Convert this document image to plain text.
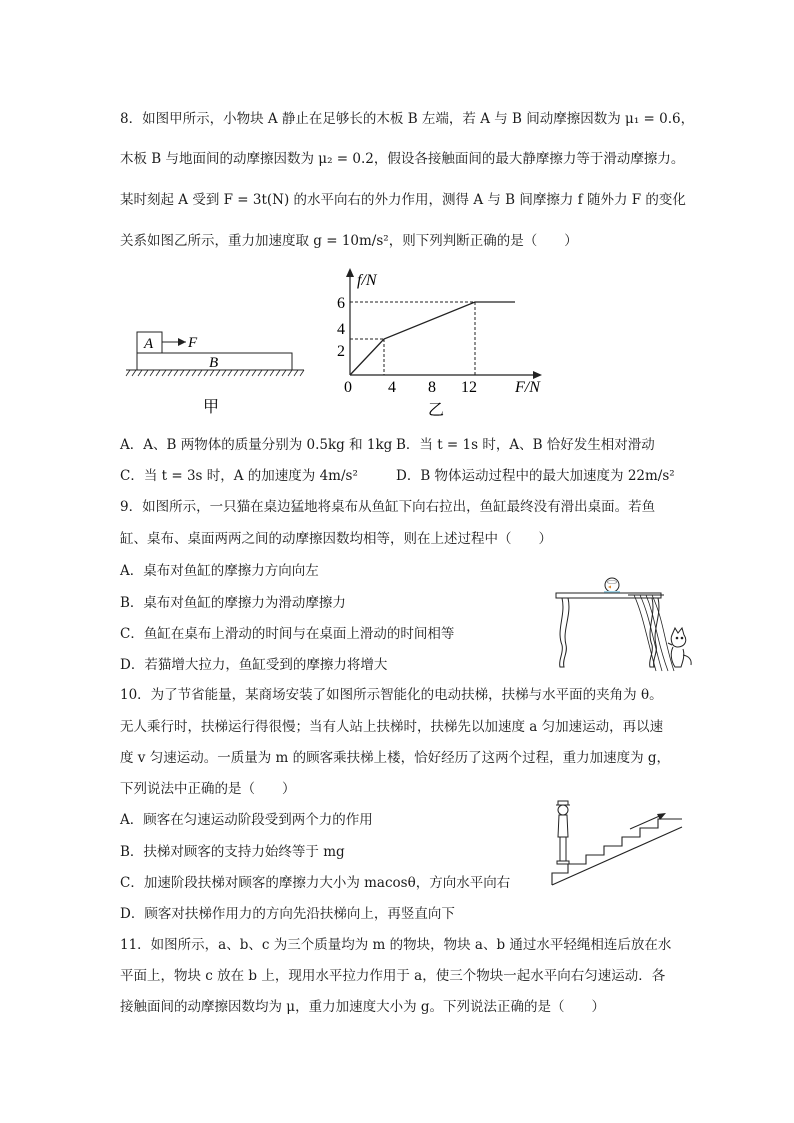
8．如图甲所示，小物块 A 静止在足够长的木板 B 左端，若 A 与 B 间动摩擦因数为 μ₁ = 0.6，
木板 B 与地面间的动摩擦因数为 μ₂ = 0.2，假设各接触面间的最大静摩擦力等于滑动摩擦力。
某时刻起 A 受到 F = 3t(N) 的水平向右的外力作用，测得 A 与 B 间摩擦力 f 随外力 F 的变化
关系如图乙所示，重力加速度取 g = 10m/s²，则下列判断正确的是（　　）
A F
B
甲
f/N
F/N
0
2
4
6
4 8 12
乙
A．A、B 两物体的质量分别为 0.5kg 和 1kg B．当 t = 1s 时，A、B 恰好发生相对滑动
C．当 t = 3s 时，A 的加速度为 4m/s²	D．B 物体运动过程中的最大加速度为 22m/s²
9．如图所示，一只猫在桌边猛地将桌布从鱼缸下向右拉出，鱼缸最终没有滑出桌面。若鱼
缸、桌布、桌面两两之间的动摩擦因数均相等，则在上述过程中（　　）
A．桌布对鱼缸的摩擦力方向向左
B．桌布对鱼缸的摩擦力为滑动摩擦力
C．鱼缸在桌布上滑动的时间与在桌面上滑动的时间相等
D．若猫增大拉力，鱼缸受到的摩擦力将增大
10．为了节省能量，某商场安装了如图所示智能化的电动扶梯，扶梯与水平面的夹角为 θ。
无人乘行时，扶梯运行得很慢；当有人站上扶梯时，扶梯先以加速度 a 匀加速运动，再以速
度 v 匀速运动。一质量为 m 的顾客乘扶梯上楼，恰好经历了这两个过程，重力加速度为 g，
下列说法中正确的是（　　）
A．顾客在匀速运动阶段受到两个力的作用
B．扶梯对顾客的支持力始终等于 mg
C．加速阶段扶梯对顾客的摩擦力大小为 macosθ，方向水平向右
D．顾客对扶梯作用力的方向先沿扶梯向上，再竖直向下
11．如图所示，a、b、c 为三个质量均为 m 的物块，物块 a、b 通过水平轻绳相连后放在水
平面上，物块 c 放在 b 上，现用水平拉力作用于 a，使三个物块一起水平向右匀速运动．各
接触面间的动摩擦因数均为 μ，重力加速度大小为 g。下列说法正确的是（　　）
